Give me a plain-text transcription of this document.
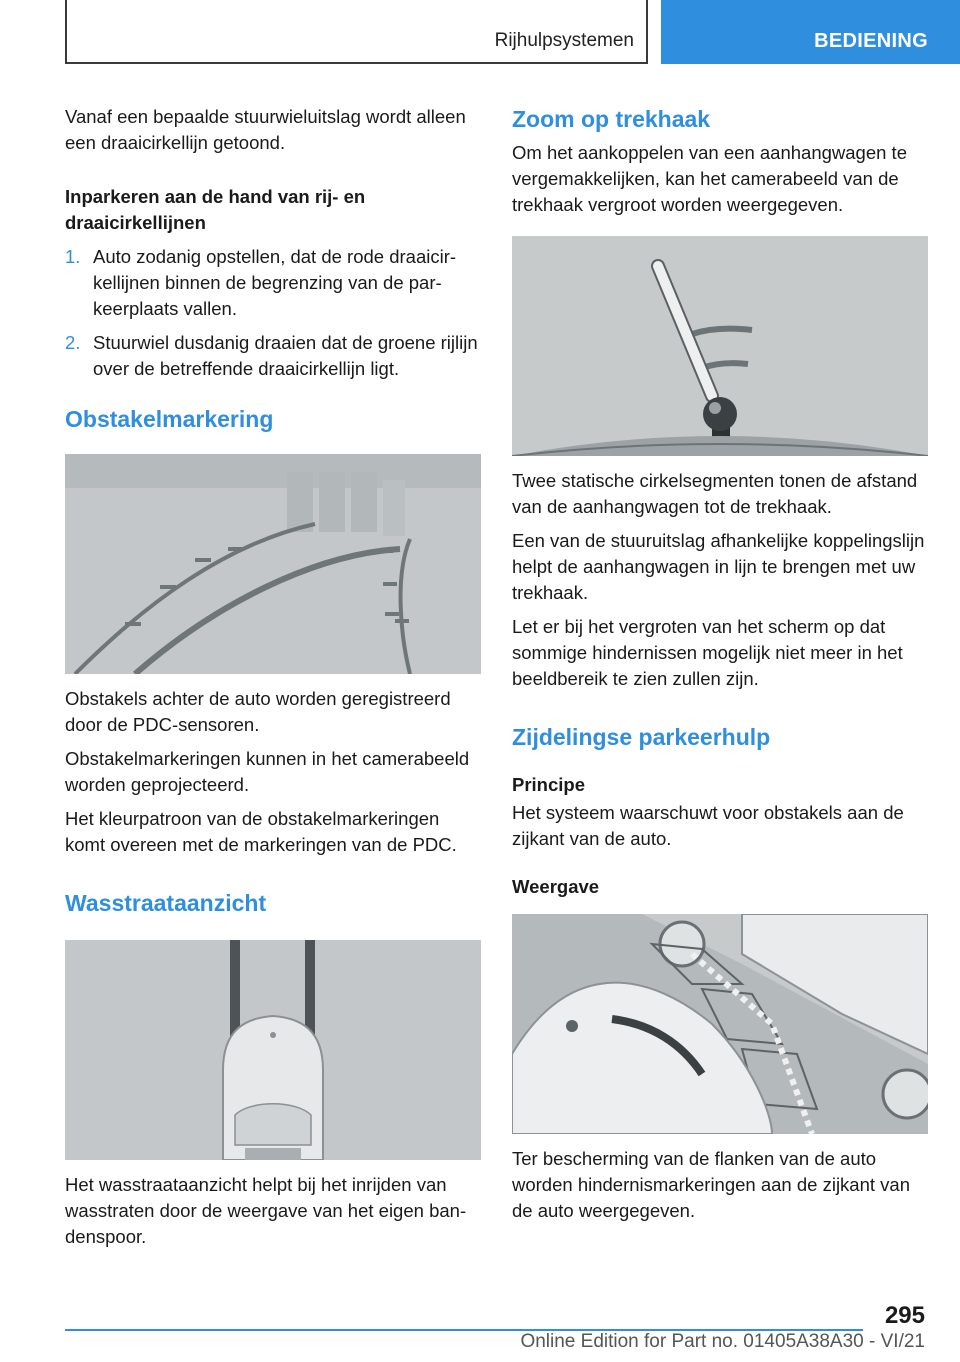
Rijhulpsystemen	BEDIENING

Vanaf een bepaalde stuurwieluitslag wordt alleen een draaicirkellijn getoond.

Inparkeren aan de hand van rij- en draaicirkellijnen
1. Auto zodanig opstellen, dat de rode draaicirkellijnen binnen de begrenzing van de parkeerplaats vallen.
2. Stuurwiel dusdanig draaien dat de groene rijlijn over de betreffende draaicirkellijn ligt.
Obstakelmarkering

Obstakels achter de auto worden geregistreerd door de PDC-sensoren.

Obstakelmarkeringen kunnen in het camerabeeld worden geprojecteerd.

Het kleurpatroon van de obstakelmarkeringen komt overeen met de markeringen van de PDC.

Wasstraataanzicht

Het wasstraataanzicht helpt bij het inrijden van wasstraten door de weergave van het eigen bandenspoor.

Zoom op trekhaak

Om het aankoppelen van een aanhangwagen te vergemakkelijken, kan het camerabeeld van de trekhaak vergroot worden weergegeven.

Twee statische cirkelsegmenten tonen de afstand van de aanhangwagen tot de trekhaak.

Een van de stuuruitslag afhankelijke koppelingslijn helpt de aanhangwagen in lijn te brengen met uw trekhaak.

Let er bij het vergroten van het scherm op dat sommige hindernissen mogelijk niet meer in het beeldbereik te zien zullen zijn.

Zijdelingse parkeerhulp
Principe

Het systeem waarschuwt voor obstakels aan de zijkant van de auto.

Weergave

Ter bescherming van de flanken van de auto worden hindernismarkeringen aan de zijkant van de auto weergegeven.

295
Online Edition for Part no. 01405A38A30 - VI/21
